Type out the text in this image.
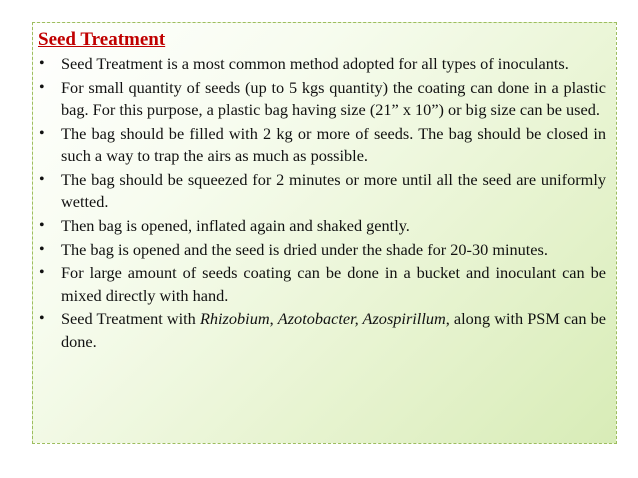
Seed Treatment
• Seed Treatment is a most common method adopted for all types of inoculants.
• For small quantity of seeds (up to 5 kgs quantity) the coating can done in a plastic bag. For this purpose, a plastic bag having size (21” x 10”) or big size can be used.
• The bag should be filled with 2 kg or more of seeds. The bag should be closed in such a way to trap the airs as much as possible.
• The bag should be squeezed for 2 minutes or more until all the seed are uniformly wetted.
• Then bag is opened, inflated again and shaked gently.
• The bag is opened and the seed is dried under the shade for 20-30 minutes.
• For large amount of seeds coating can be done in a bucket and inoculant can be mixed directly with hand.
• Seed Treatment with Rhizobium, Azotobacter, Azospirillum, along with PSM can be done.
